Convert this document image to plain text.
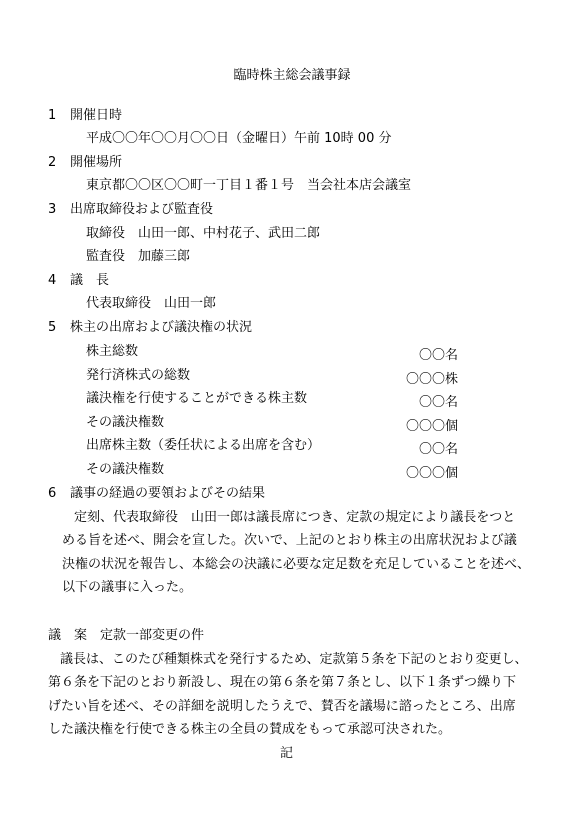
臨時株主総会議事録
1 開催日時
平成〇〇年〇〇月〇〇日（金曜日）午前 10時 00 分
2 開催場所
東京都〇〇区〇〇町一丁目１番１号　当会社本店会議室
3 出席取締役および監査役
取締役　山田一郎、中村花子、武田二郎
監査役　加藤三郎
4 議　長
代表取締役　山田一郎
5 株主の出席および議決権の状況
株主総数	〇〇名
発行済株式の総数	〇〇〇株
議決権を行使することができる株主数	〇〇名
その議決権数	〇〇〇個
出席株主数（委任状による出席を含む）	〇〇名
その議決権数	〇〇〇個
6 議事の経過の要領およびその結果
定刻、代表取締役　山田一郎は議長席につき、定款の規定により議長をつと
める旨を述べ、開会を宣した。次いで、上記のとおり株主の出席状況および議
決権の状況を報告し、本総会の決議に必要な定足数を充足していることを述べ、
以下の議事に入った。
議　案　定款一部変更の件
議長は、このたび種類株式を発行するため、定款第５条を下記のとおり変更し、
第６条を下記のとおり新設し、現在の第６条を第７条とし、以下１条ずつ繰り下
げたい旨を述べ、その詳細を説明したうえで、賛否を議場に諮ったところ、出席
した議決権を行使できる株主の全員の賛成をもって承認可決された。
記
